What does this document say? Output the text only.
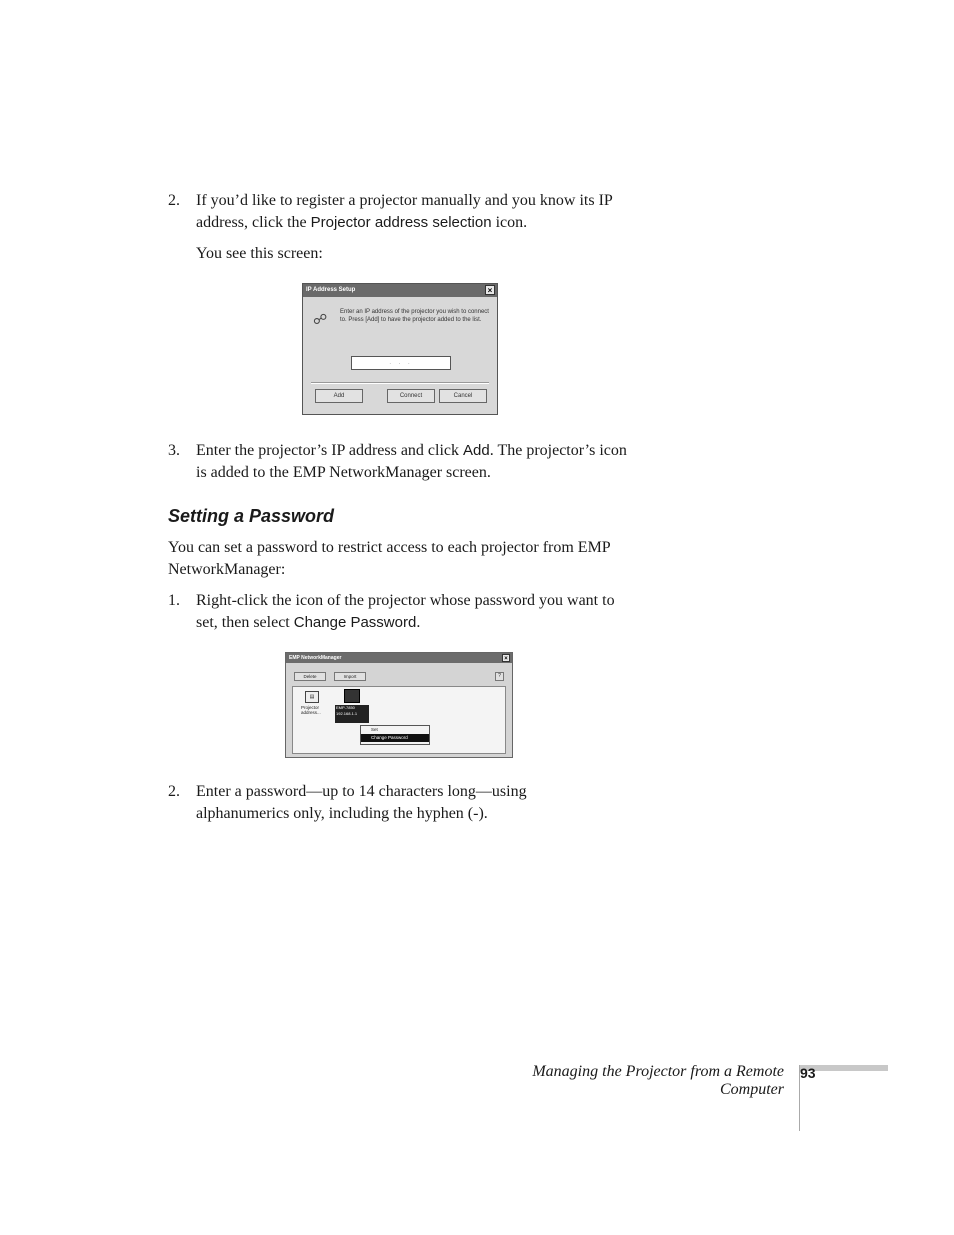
2. If you’d like to register a projector manually and you know its IP address, click the Projector address selection icon.
You see this screen:
IP Address Setup	×
☍ Enter an IP address of the projector you wish to connect to. Press [Add] to have the projector added to the list.
. . .
Add	Connect	Cancel
3. Enter the projector’s IP address and click Add. The projector’s icon is added to the EMP NetworkManager screen.
Setting a Password
You can set a password to restrict access to each projector from EMP NetworkManager:
1. Right-click the icon of the projector whose password you want to set, then select Change Password.
EMP NetworkManager	×
Delete	Import	?
▤
Projector address...
EMP-7850 192.168.1.1
Set
Change Password
2. Enter a password—up to 14 characters long—using alphanumerics only, including the hyphen (-).
Managing the Projector from a Remote Computer
93
